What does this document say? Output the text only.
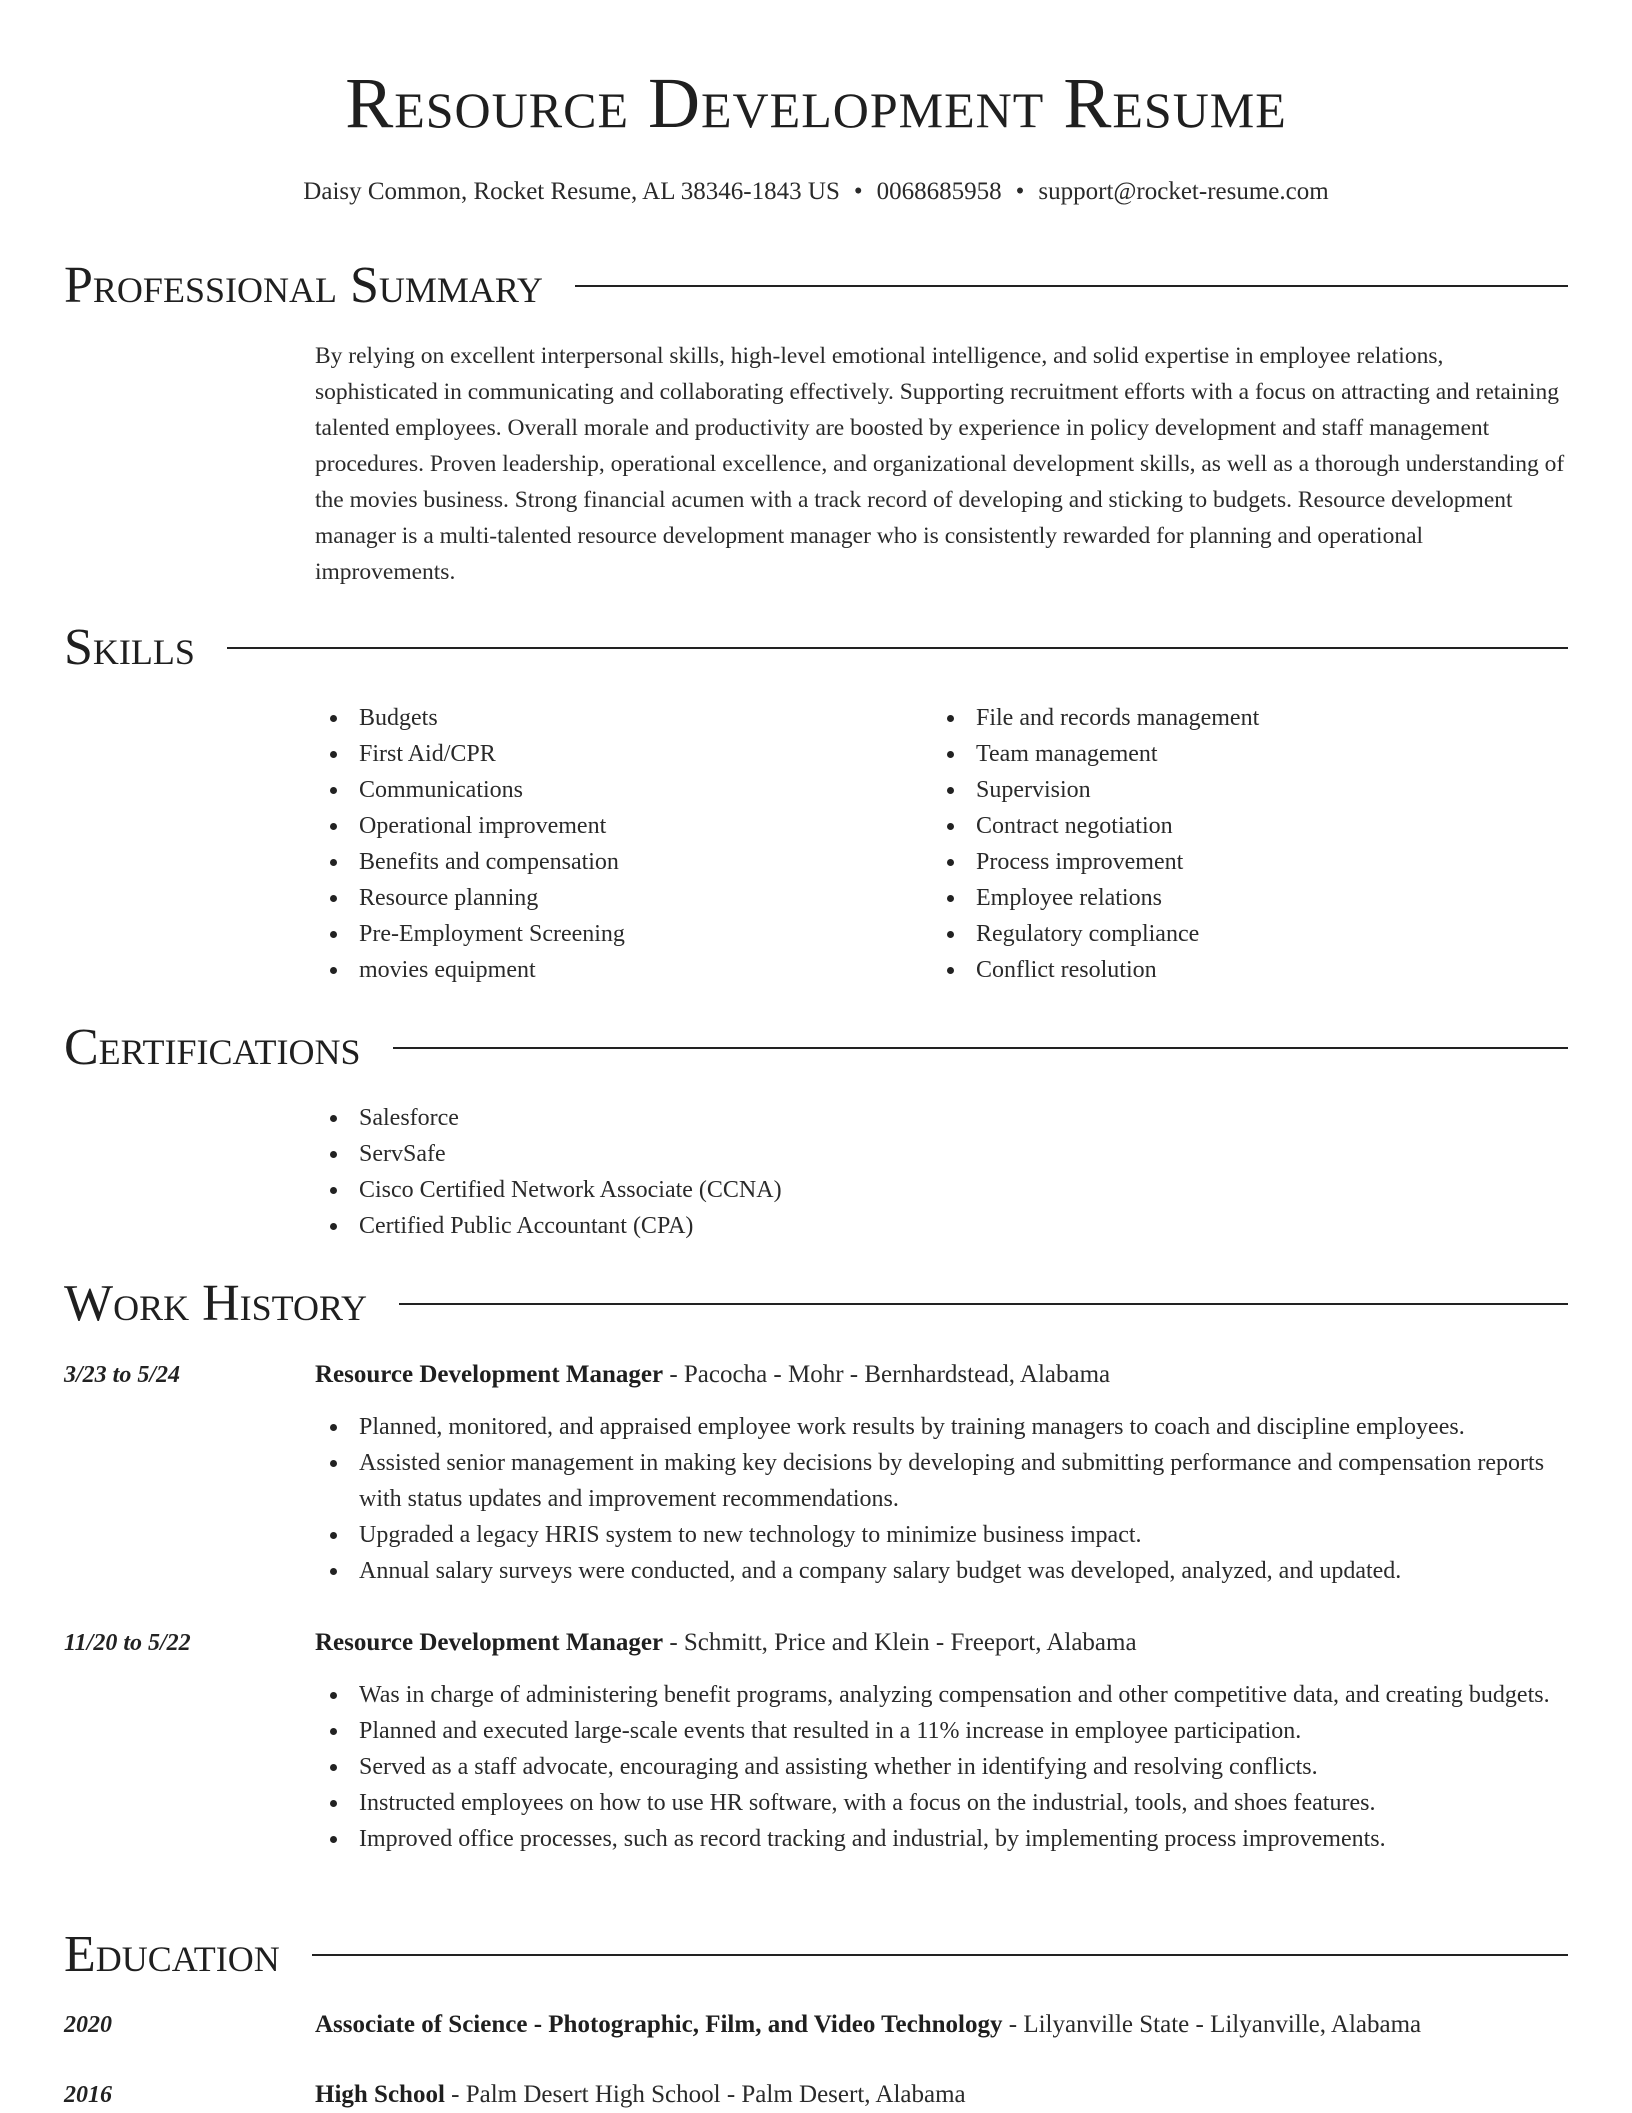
Resource Development Resume
Daisy Common, Rocket Resume, AL 38346-1843 US • 0068685958 • support@rocket-resume.com
Professional Summary
By relying on excellent interpersonal skills, high-level emotional intelligence, and solid expertise in employee relations, sophisticated in communicating and collaborating effectively. Supporting recruitment efforts with a focus on attracting and retaining talented employees. Overall morale and productivity are boosted by experience in policy development and staff management procedures. Proven leadership, operational excellence, and organizational development skills, as well as a thorough understanding of the movies business. Strong financial acumen with a track record of developing and sticking to budgets. Resource development manager is a multi-talented resource development manager who is consistently rewarded for planning and operational improvements.
Skills
Budgets
First Aid/CPR
Communications
Operational improvement
Benefits and compensation
Resource planning
Pre-Employment Screening
movies equipment
File and records management
Team management
Supervision
Contract negotiation
Process improvement
Employee relations
Regulatory compliance
Conflict resolution
Certifications
Salesforce
ServSafe
Cisco Certified Network Associate (CCNA)
Certified Public Accountant (CPA)
Work History
3/23 to 5/24	Resource Development Manager - Pacocha - Mohr - Bernhardstead, Alabama
Planned, monitored, and appraised employee work results by training managers to coach and discipline employees.
Assisted senior management in making key decisions by developing and submitting performance and compensation reports with status updates and improvement recommendations.
Upgraded a legacy HRIS system to new technology to minimize business impact.
Annual salary surveys were conducted, and a company salary budget was developed, analyzed, and updated.
11/20 to 5/22	Resource Development Manager - Schmitt, Price and Klein - Freeport, Alabama
Was in charge of administering benefit programs, analyzing compensation and other competitive data, and creating budgets.
Planned and executed large-scale events that resulted in a 11% increase in employee participation.
Served as a staff advocate, encouraging and assisting whether in identifying and resolving conflicts.
Instructed employees on how to use HR software, with a focus on the industrial, tools, and shoes features.
Improved office processes, such as record tracking and industrial, by implementing process improvements.
Education
2020	Associate of Science - Photographic, Film, and Video Technology - Lilyanville State - Lilyanville, Alabama
2016	High School - Palm Desert High School - Palm Desert, Alabama
